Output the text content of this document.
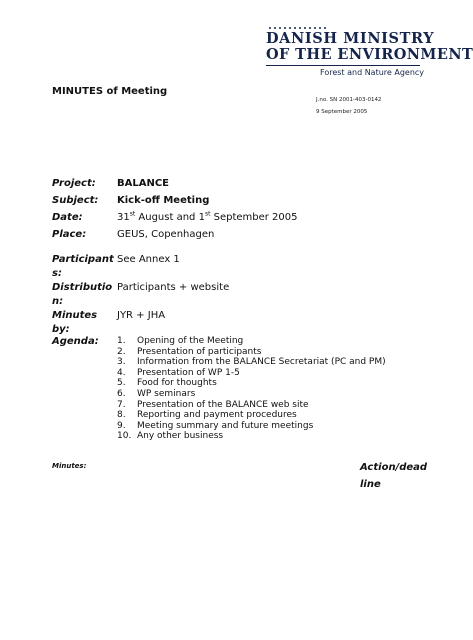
DANISH MINISTRY
OF THE ENVIRONMENT
Forest and Nature Agency
MINUTES of Meeting
J.no. SN 2001-403-0142
9 September 2005
Project: BALANCE
Subject: Kick-off Meeting
Date:	31st August and 1st September 2005
Place:	GEUS, Copenhagen
Participant
s:
See Annex 1
Distributio
n:
Participants + website
Minutes
by:
JYR + JHA
Agenda: 1.	Opening of the Meeting
2.	Presentation of participants
3.	Information from the BALANCE Secretariat (PC and PM)
4.	Presentation of WP 1-5
5.	Food for thoughts
6.	WP seminars
7.	Presentation of the BALANCE web site
8.	Reporting and payment procedures
9.	Meeting summary and future meetings
10. Any other business
Minutes:	Action/deadline
